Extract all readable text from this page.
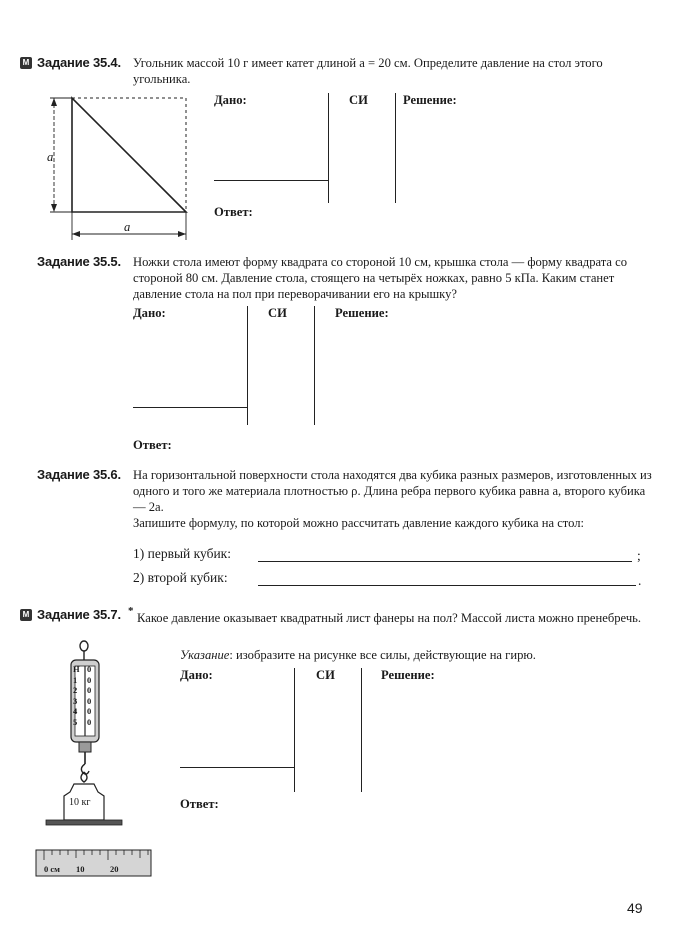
М Задание 35.4. Угольник массой 10 г имеет катет длиной a = 20 см. Определите давление на стол этого угольника.
a
a
Дано:	СИ	Решение:
Ответ:
Задание 35.5. Ножки стола имеют форму квадрата со стороной 10 см, крышка стола — форму квадрата со стороной 80 см. Давление стола, стоящего на четырёх ножках, равно 5 кПа. Каким станет давление стола на пол при переворачивании его на крышку?
Дано:	СИ	Решение:
Ответ:
Задание 35.6. На горизонтальной поверхности стола находятся два кубика разных размеров, изготовленных из одного и того же материала плотностью ρ. Длина ребра первого кубика равна a, второго кубика — 2a.
Запишите формулу, по которой можно рассчитать давление каждого кубика на стол:
1) первый кубик:	;
2) второй кубик:	.
М Задание 35.7. * Какое давление оказывает квадратный лист фанеры на пол? Массой листа можно пренебречь.
Указание: изобразите на рисунке все силы, действующие на гирю.
Дано:	СИ	Решение:
Ответ:
Н
1
2
3
4
5
0
0
0
0
0
0
10 кг
0 см 10	20
49
